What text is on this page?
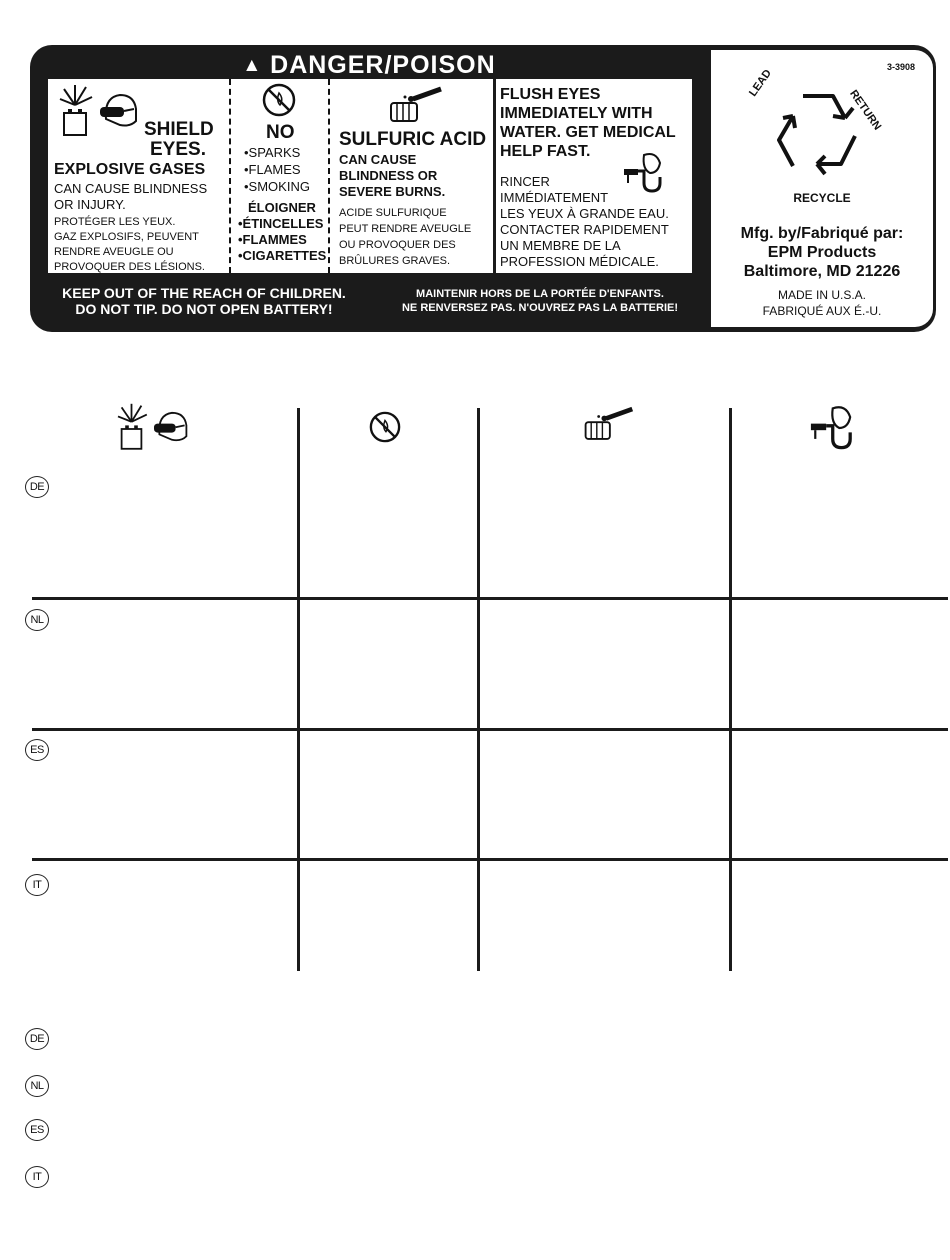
▲ DANGER/POISON
SHIELD
EYES.
EXPLOSIVE GASES
CAN CAUSE BLINDNESS
OR INJURY.
PROTÉGER LES YEUX.
GAZ EXPLOSIFS, PEUVENT
RENDRE AVEUGLE OU
PROVOQUER DES LÉSIONS.
NO
•SPARKS
•FLAMES
•SMOKING
ÉLOIGNER
•ÉTINCELLES
•FLAMMES
•CIGARETTES
SULFURIC ACID
CAN CAUSE
BLINDNESS OR
SEVERE BURNS.
ACIDE SULFURIQUE
PEUT RENDRE AVEUGLE
OU PROVOQUER DES
BRÛLURES GRAVES.
FLUSH EYES
IMMEDIATELY WITH
WATER. GET MEDICAL
HELP FAST.
RINCER
IMMÉDIATEMENT
LES YEUX À GRANDE EAU.
CONTACTER RAPIDEMENT
UN MEMBRE DE LA
PROFESSION MÉDICALE.
KEEP OUT OF THE REACH OF CHILDREN.
DO NOT TIP. DO NOT OPEN BATTERY!
MAINTENIR HORS DE LA PORTÉE D'ENFANTS.
NE RENVERSEZ PAS. N'OUVREZ PAS LA BATTERIE!
3-3908
LEAD
RETURN
RECYCLE
Mfg. by/Fabriqué par:
EPM Products
Baltimore, MD 21226
MADE IN U.S.A.
FABRIQUÉ AUX É.-U.
DE
NL
ES
IT
DE
NL
ES
IT
